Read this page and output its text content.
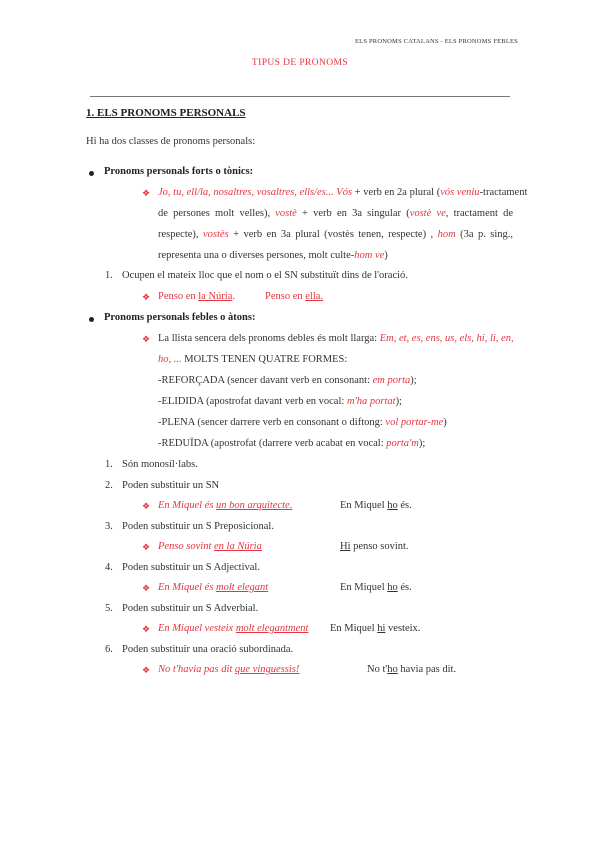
ELS PRONOMS CATALANS - ELS PRONOMS FEBLES
TIPUS DE PRONOMS
1. ELS PRONOMS PERSONALS
Hi ha dos classes de pronoms personals:
Pronoms personals forts o tònics:
❖ Jo, tu, ell/la, nosaltres, vosaltres, ells/es... Vós + verb en 2a plural (vós veniu-tractament
de persones molt velles), vostè + verb en 3a singular (vostè ve, tractament de
respecte), vostès + verb en 3a plural (vostès tenen, respecte) , hom (3a p. sing.,
representa una o diverses persones, molt culte-hom ve)
1. Ocupen el mateix lloc que el nom o el SN substituït dins de l'oració.
❖ Penso en la Núria.	Penso en ella.
Pronoms personals febles o àtons:
❖ La llista sencera dels pronoms debles és molt llarga: Em, et, es, ens, us, els, hi, li, en,
ho, ... MOLTS TENEN QUATRE FORMES:
-REFORÇADA (sencer davant verb en consonant: em porta);
-ELIDIDA (apostrofat davant verb en vocal: m'ha portat);
-PLENA (sencer darrere verb en consonant o diftong: vol portar-me)
-REDUÏDA (apostrofat (darrere verb acabat en vocal: porta'm);
1. Són monosíl·labs.
2. Poden substituir un SN
❖ En Miquel és un bon arquitecte.	En Miquel ho és.
3. Poden substituir un S Preposicional.
❖ Penso sovint en la Núria	Hi penso sovint.
4. Poden substituir un S Adjectival.
❖ En Miquel és molt elegant	En Miquel ho és.
5. Poden substituir un S Adverbial.
❖ En Miquel vesteix molt elegantment En Miquel hi vesteix.
6. Poden substituir una oració subordinada.
❖ No t'havia pas dit que vinguessis!	No t'ho havia pas dit.
